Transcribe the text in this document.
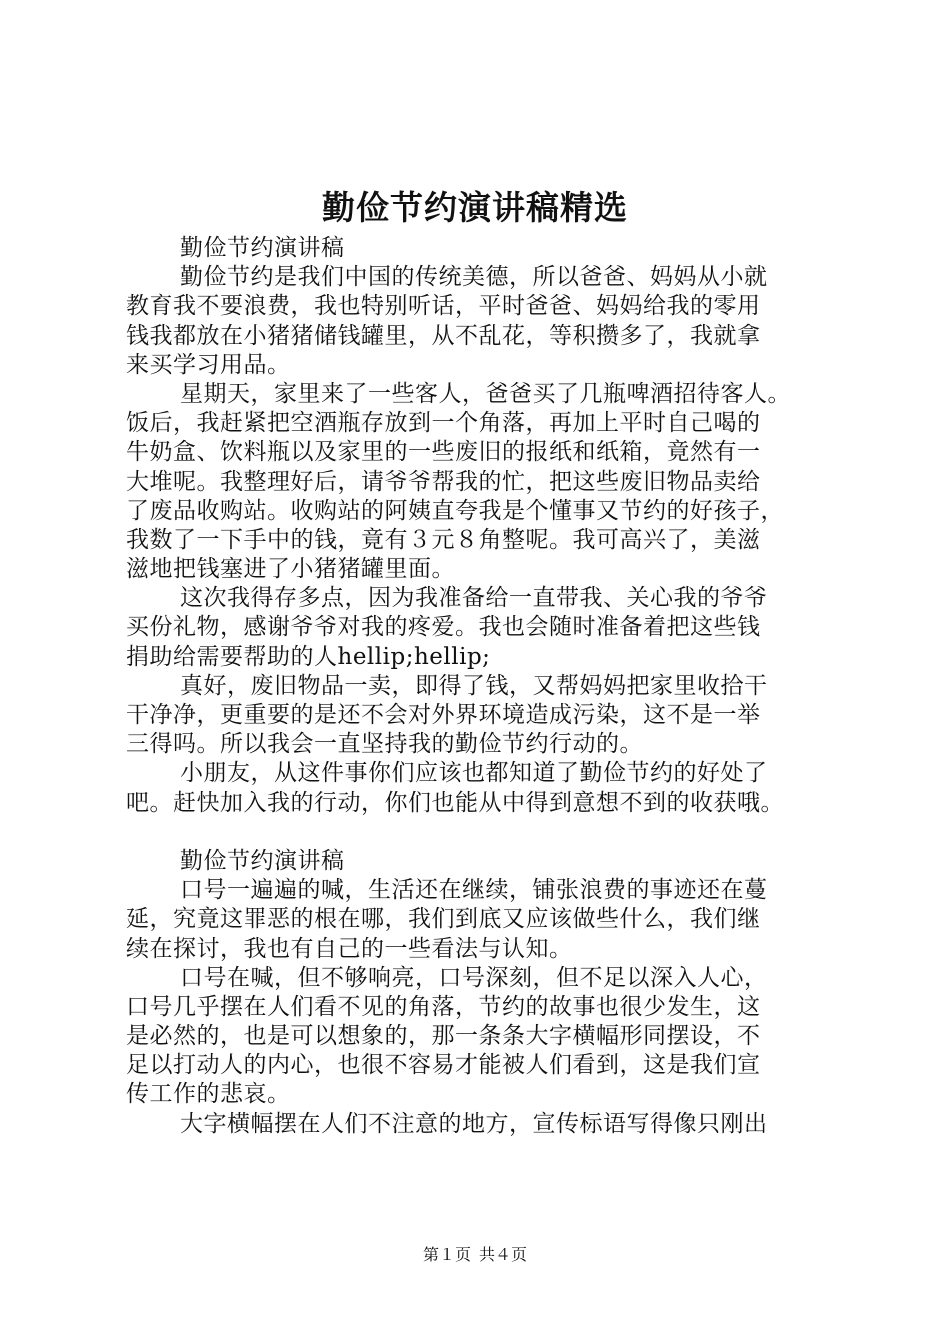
勤俭节约演讲稿精选
勤俭节约演讲稿
勤俭节约是我们中国的传统美德，所以爸爸、妈妈从小就
教育我不要浪费，我也特别听话，平时爸爸、妈妈给我的零用
钱我都放在小猪猪储钱罐里，从不乱花，等积攒多了，我就拿
来买学习用品。
星期天，家里来了一些客人，爸爸买了几瓶啤酒招待客人。
饭后，我赶紧把空酒瓶存放到一个角落，再加上平时自己喝的
牛奶盒、饮料瓶以及家里的一些废旧的报纸和纸箱，竟然有一
大堆呢。我整理好后，请爷爷帮我的忙，把这些废旧物品卖给
了废品收购站。收购站的阿姨直夸我是个懂事又节约的好孩子，
我数了一下手中的钱，竟有３元８角整呢。我可高兴了，美滋
滋地把钱塞进了小猪猪罐里面。
这次我得存多点，因为我准备给一直带我、关心我的爷爷
买份礼物，感谢爷爷对我的疼爱。我也会随时准备着把这些钱
捐助给需要帮助的人hellip;hellip;
真好，废旧物品一卖，即得了钱，又帮妈妈把家里收拾干
干净净，更重要的是还不会对外界环境造成污染，这不是一举
三得吗。所以我会一直坚持我的勤俭节约行动的。
小朋友，从这件事你们应该也都知道了勤俭节约的好处了
吧。赶快加入我的行动，你们也能从中得到意想不到的收获哦。
勤俭节约演讲稿
口号一遍遍的喊，生活还在继续，铺张浪费的事迹还在蔓
延，究竟这罪恶的根在哪，我们到底又应该做些什么，我们继
续在探讨，我也有自己的一些看法与认知。
口号在喊，但不够响亮，口号深刻，但不足以深入人心，
口号几乎摆在人们看不见的角落，节约的故事也很少发生，这
是必然的，也是可以想象的，那一条条大字横幅形同摆设，不
足以打动人的内心，也很不容易才能被人们看到，这是我们宣
传工作的悲哀。
大字横幅摆在人们不注意的地方，宣传标语写得像只刚出
第１页 共４页
